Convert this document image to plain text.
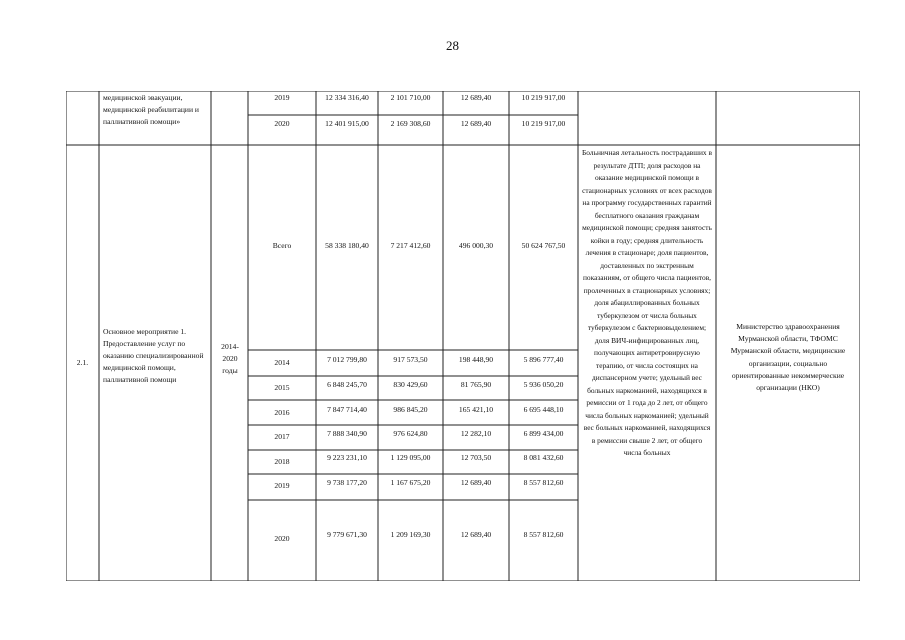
28
медицинской эвакуации, медицинской реабилитации и паллиативной помощи»
2019	12 334 316,40	2 101 710,00	12 689,40	10 219 917,00
2020	12 401 915,00	2 169 308,60	12 689,40	10 219 917,00
2.1.
Основное мероприятие 1. Предоставление услуг по оказанию специализированной медицинской помощи, паллиативной помощи
2014-2020 годы
Всего	58 338 180,40	7 217 412,60	496 000,30	50 624 767,50
2014	7 012 799,80	917 573,50	198 448,90	5 896 777,40
2015	6 848 245,70	830 429,60	81 765,90	5 936 050,20
2016	7 847 714,40	986 845,20	165 421,10	6 695 448,10
2017	7 888 340,90	976 624,80	12 282,10	6 899 434,00
2018	9 223 231,10	1 129 095,00	12 703,50	8 081 432,60
2019	9 738 177,20	1 167 675,20	12 689,40	8 557 812,60
2020	9 779 671,30	1 209 169,30	12 689,40	8 557 812,60
Больничная летальность пострадавших в результате ДТП; доля расходов на оказание медицинской помощи в стационарных условиях от всех расходов на программу государственных гарантий бесплатного оказания гражданам медицинской помощи; средняя занятость койки в году; средняя длительность лечения в стационаре; доля пациентов, доставленных по экстренным показаниям, от общего числа пациентов, пролеченных в стационарных условиях; доля абациллированных больных туберкулезом от числа больных туберкулезом с бактериовыделением; доля ВИЧ-инфицированных лиц, получающих антиретровирусную терапию, от числа состоящих на диспансерном учете; удельный вес больных наркоманией, находящихся в ремиссии от 1 года до 2 лет, от общего числа больных наркоманией; удельный вес больных наркоманией, находящихся в ремиссии свыше 2 лет, от общего числа больных
Министерство здравоохранения Мурманской области, ТФОМС Мурманской области, медицинские организации, социально ориентированные некоммерческие организации (НКО)
